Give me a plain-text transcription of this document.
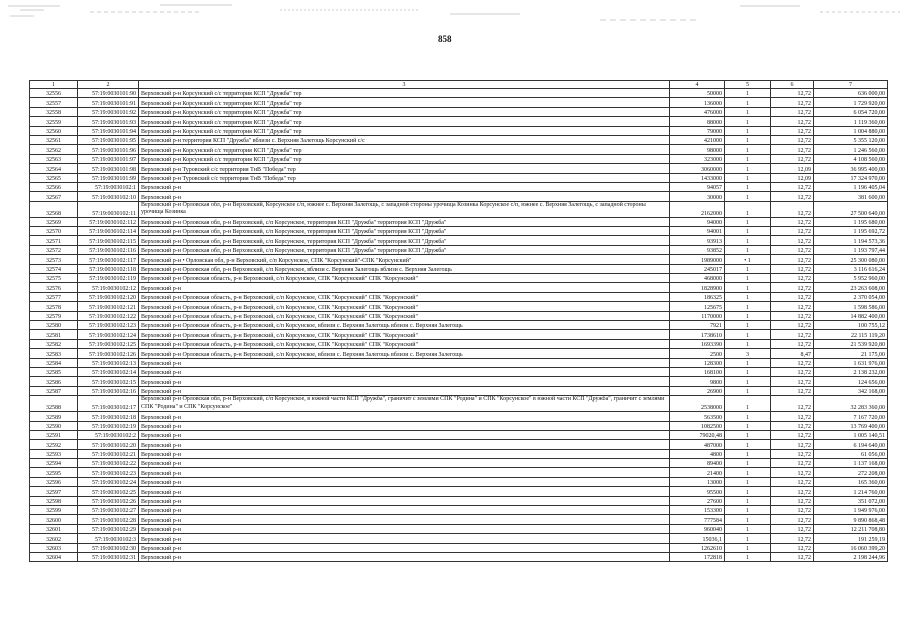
858
1	2	3	4	5	6	7
32556	57:19:0030101:90	Верховский р-н Корсунский с/с территория КСП "Дружба" тер	50000	1	12,72	636 000,00
32557	57:19:0030101:91	Верховский р-н Корсунский с/с территория КСП "Дружба" тер	136000	1	12,72	1 729 920,00
32558	57:19:0030101:92	Верховский р-н Корсунский с/с территория КСП "Дружба" тер	476000	1	12,72	6 054 720,00
32559	57:19:0030101:93	Верховский р-н Корсунский с/с территория КСП "Дружба" тер	88000	1	12,72	1 119 360,00
32560	57:19:0030101:94	Верховский р-н Корсунский с/с территория КСП "Дружба" тер	79000	1	12,72	1 004 880,00
32561	57:19:0030101:95	Верховский р-н территория КСП "Дружба" вблизи с. Верхняя Залегощь Корсунский с/с	421000	1	12,72	5 355 120,00
32562	57:19:0030101:96	Верховский р-н Корсунский с/с территория КСП "Дружба" тер	98000	1	12,72	1 246 560,00
32563	57:19:0030101:97	Верховский р-н Корсунский с/с территория КСП "Дружба" тер	323000	1	12,72	4 108 560,00
32564	57:19:0030101:98	Верховский р-н Туровский с/с территория ТнВ "Победа" тер	3060000	1	12,09	36 995 400,00
32565	57:19:0030101:99	Верховский р-н Туровский с/с территория ТнВ "Победа" тер	1433000	1	12,09	17 324 970,00
32566	57:19:0030102:1	Верховский р-н	94057	1	12,72	1 196 405,04
32567	57:19:0030102:10	Верховский р-н	30000	1	12,72	381 600,00
32568	57:19:0030102:11	Верховский р-н Орловская обл, р-н Верховский, Корсунское с/п, южнее с. Верхняя Залегощь, с западной стороны урочища Козинка Корсунское с/п, южнее с. Верхняя Залегощь, с западной стороны урочища Козинка	2162000	1	12,72	27 500 640,00
32569	57:19:0030102:112	Верховский р-н Орловская обл, р-н Верховский, с/п Корсунское, территория КСП "Дружба" территория КСП "Дружба"	94000	1	12,72	1 195 680,00
32570	57:19:0030102:114	Верховский р-н Орловская обл, р-н Верховский, с/п Корсунское, территория КСП "Дружба" территория КСП "Дружба"	94001	1	12,72	1 195 692,72
32571	57:19:0030102:115	Верховский р-н Орловская обл, р-н Верховский, с/п Корсунское, территория КСП "Дружба" территория КСП "Дружба"	93913	1	12,72	1 194 573,36
32572	57:19:0030102:116	Верховский р-н Орловская обл, р-н Верховский, с/п Корсунское, территория КСП "Дружба" территория КСП "Дружба"	93852	1	12,72	1 193 797,44
32573	57:19:0030102:117	Верховский р-н • Орловская обл, р-н Верховский, с/п Корсунское, СПК "Корсунский"-СПК "Корсунский"	1989000	• 1	12,72	25 300 080,00
32574	57:19:0030102:118	Верховский р-н Орловская обл, р-н Верховский, с/п Корсунское, вблизи с. Верхняя Залегощь вблизи с. Верхняя Залегощь	245017	1	12,72	3 116 616,24
32575	57:19:0030102:119	Верховский р-н Орловская область, р-н Верховский, с/п Корсунское, СПК "Корсунский" СПК "Корсунский"	468000	1	12,72	5 952 960,00
32576	57:19:0030102:12	Верховский р-н	1828900	1	12,72	23 263 608,00
32577	57:19:0030102:120	Верховский р-н Орловская область, р-н Верховский, с/п Корсунское, СПК "Корсунский" СПК "Корсунский"	186325	1	12,72	2 370 054,00
32578	57:19:0030102:121	Верховский р-н Орловская область, р-н Верховский, с/п Корсунское, СПК "Корсунский" СПК "Корсунский"	125675	1	12,72	1 598 586,00
32579	57:19:0030102:122	Верховский р-н Орловская область, р-н Верховский, с/п Корсунское, СПК "Корсунский" СПК "Корсунский"	1170000	1	12,72	14 882 400,00
32580	57:19:0030102:123	Верховский р-н Орловская область, р-н Верховский, с/п Корсунское, вблизи с. Верхняя Залегощь вблизи с. Верхняя Залегощь	7921	1	12,72	100 755,12
32581	57:19:0030102:124	Верховский р-н Орловская область, р-н Верховский, с/п Корсунское, СПК "Корсунский" СПК "Корсунский"	1738610	1	12,72	22 115 119,20
32582	57:19:0030102:125	Верховский р-н Орловская область, р-н Верховский, с/п Корсунское, СПК "Корсунский" СПК "Корсунский"	1693390	1	12,72	21 539 920,80
32583	57:19:0030102:126	Верховский р-н Орловская область, р-н Верховский, с/п Корсунское, вблизи с. Верхняя Залегощь вблизи с. Верхняя Залегощь	2500	3	8,47	21 175,00
32584	57:19:0030102:13	Верховский р-н	128300	1	12,72	1 631 976,00
32585	57:19:0030102:14	Верховский р-н	168100	1	12,72	2 138 232,00
32586	57:19:0030102:15	Верховский р-н	9800	1	12,72	124 656,00
32587	57:19:0030102:16	Верховский р-н	26900	1	12,72	342 168,00
32588	57:19:0030102:17	Верховский р-н Орловская обл, р-н Верховский, с/п Корсунское, в южной части КСП "Дружба", граничит с землями СПК "Родина" и СПК "Корсунское" в южной части КСП "Дружба", граничит с землями СПК "Родина" и СПК "Корсунское"	2538000	1	12,72	32 283 360,00
32589	57:19:0030102:18	Верховский р-н	563500	1	12,72	7 167 720,00
32590	57:19:0030102:19	Верховский р-н	1082500	1	12,72	13 769 400,00
32591	57:19:0030102:2	Верховский р-н	79020,48	1	12,72	1 005 140,51
32592	57:19:0030102:20	Верховский р-н	487000	1	12,72	6 194 640,00
32593	57:19:0030102:21	Верховский р-н	4800	1	12,72	61 056,00
32594	57:19:0030102:22	Верховский р-н	89400	1	12,72	1 137 168,00
32595	57:19:0030102:23	Верховский р-н	21400	1	12,72	272 208,00
32596	57:19:0030102:24	Верховский р-н	13000	1	12,72	165 360,00
32597	57:19:0030102:25	Верховский р-н	95500	1	12,72	1 214 760,00
32598	57:19:0030102:26	Верховский р-н	27600	1	12,72	351 072,00
32599	57:19:0030102:27	Верховский р-н	153300	1	12,72	1 949 976,00
32600	57:19:0030102:28	Верховский р-н	777584	1	12,72	9 890 868,48
32601	57:19:0030102:29	Верховский р-н	960040	1	12,72	12 211 708,80
32602	57:19:0030102:3	Верховский р-н	15036,1	1	12,72	191 259,19
32603	57:19:0030102:30	Верховский р-н	1262610	1	12,72	16 060 399,20
32604	57:19:0030102:31	Верховский р-н	172818	1	12,72	2 198 244,96
